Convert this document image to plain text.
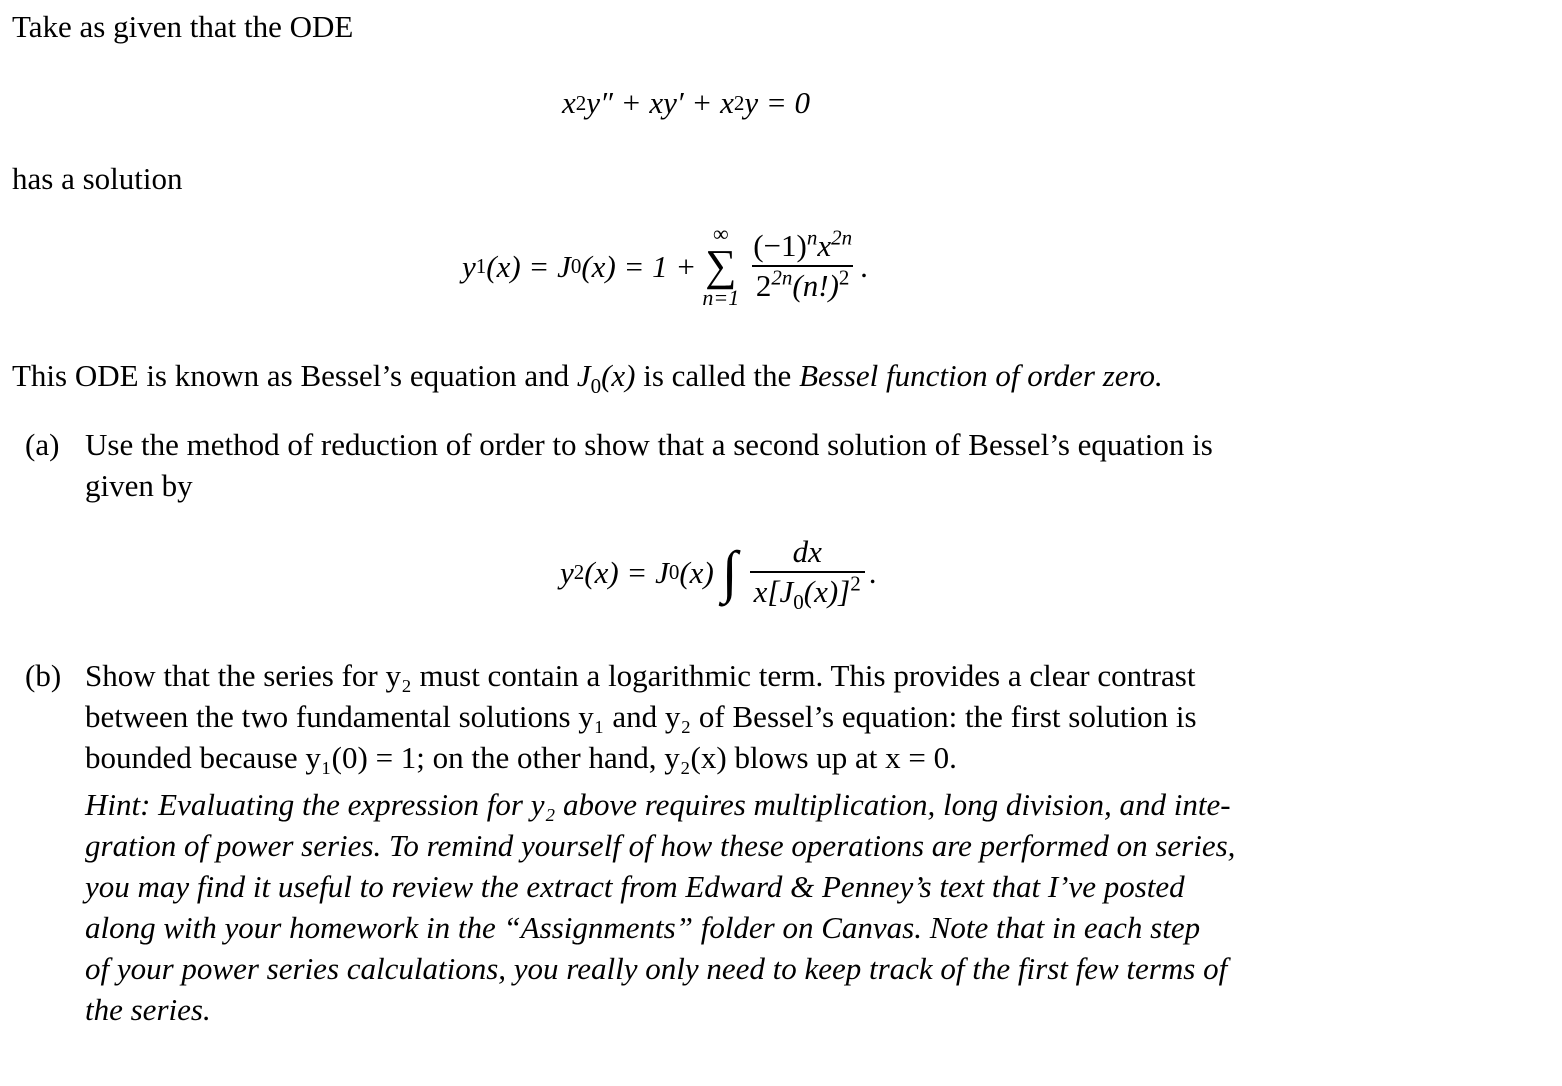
Take as given that the ODE

x 2 y″ + xy′ + x 2 y = 0

has a solution

y 1 (x) = J 0 (x) = 1 +
∞
∑
$n=1 \frac{(-1)^nx^{2n}}{2^{2n}(n!)^2}$ .

This ODE is known as Bessel’s equation and $J_0(x)$ is called the Bessel function of order zero.

(a) Use the method of reduction of order to show that a second solution of Bessel’s equation is
given by
y 2 (x) = J 0 (x) ∫ $\frac{dx}{x[J_0(x)]^2}$ .
(b) Show that the series for y₂ must contain a logarithmic term. This provides a clear contrast
between the two fundamental solutions y₁ and y₂ of Bessel’s equation: the first solution is
bounded because y₁(0) = 1; on the other hand, y₂(x) blows up at x = 0.
Hint: Evaluating the expression for y₂ above requires multiplication, long division, and inte-
gration of power series. To remind yourself of how these operations are performed on series,
you may find it useful to review the extract from Edward & Penney’s text that I’ve posted
along with your homework in the “Assignments” folder on Canvas. Note that in each step
of your power series calculations, you really only need to keep track of the first few terms of
the series.
